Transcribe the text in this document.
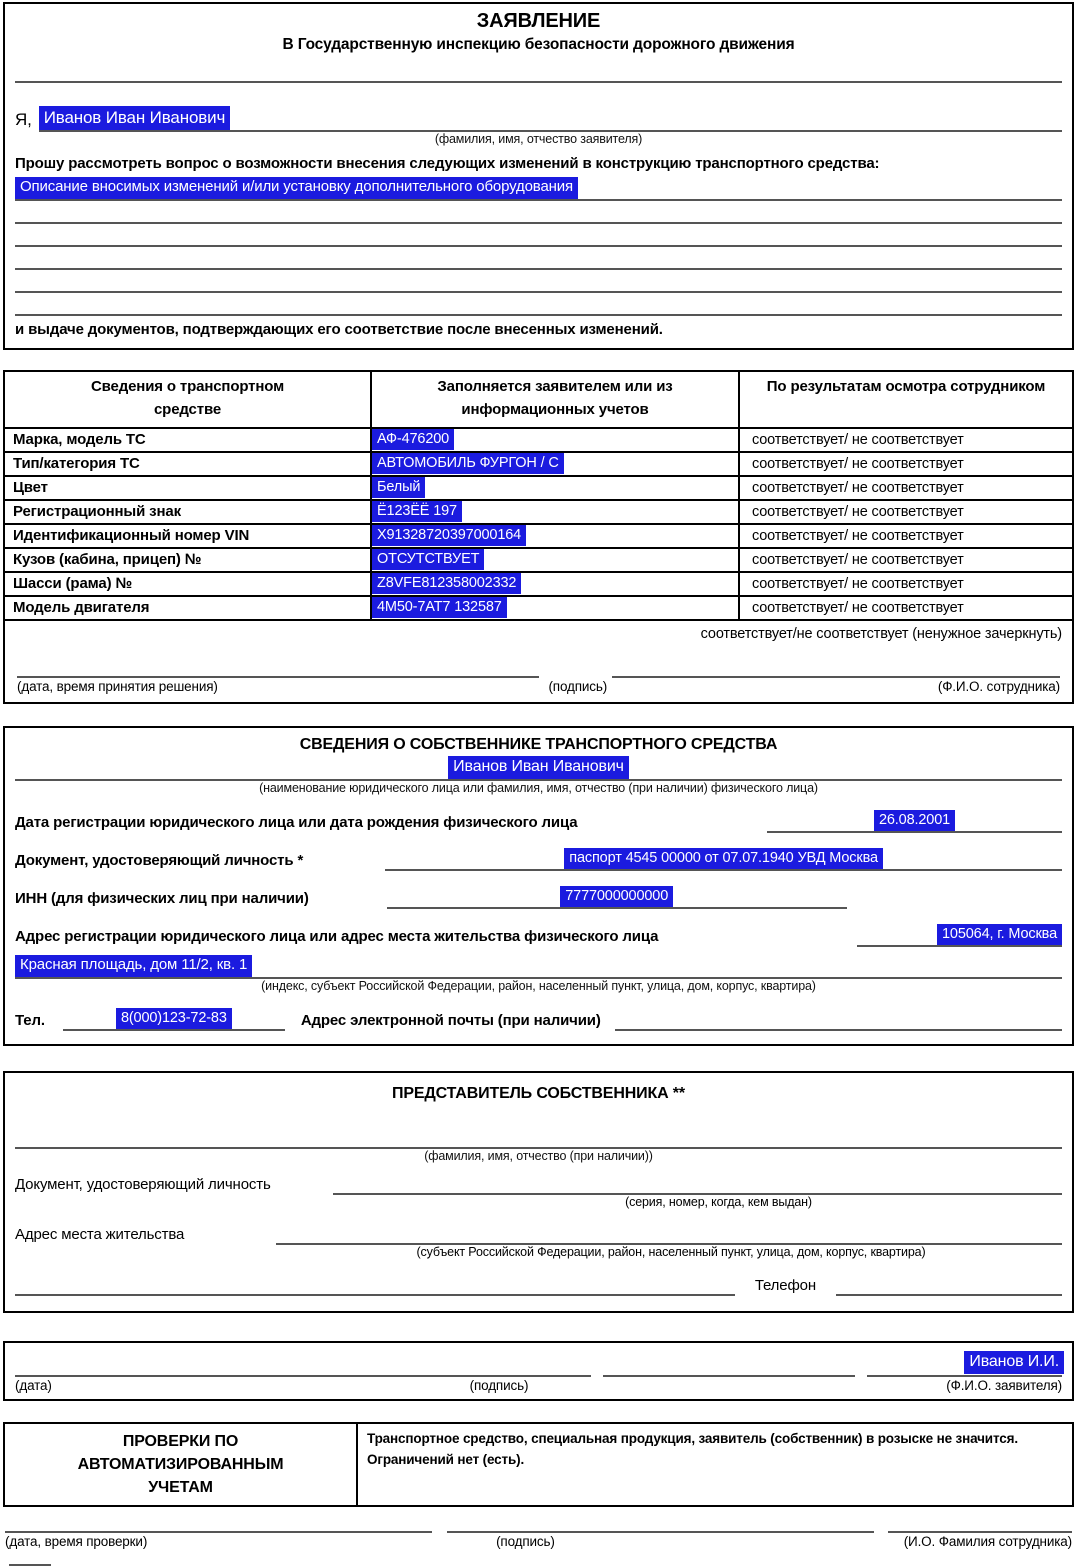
ЗАЯВЛЕНИЕ
В Государственную инспекцию безопасности дорожного движения
Я, Иванов Иван Иванович
(фамилия, имя, отчество заявителя)
Прошу рассмотреть вопрос о возможности внесения следующих изменений в конструкцию транспортного средства:
Описание вносимых изменений и/или установку дополнительного оборудования
и выдаче документов, подтверждающих его соответствие после внесенных изменений.
Сведения о транспортном средстве	Заполняется заявителем или из информационных учетов	По результатам осмотра сотрудником
Марка, модель ТС	АФ-476200	соответствует/ не соответствует
Тип/категория ТС	АВТОМОБИЛЬ ФУРГОН / С	соответствует/ не соответствует
Цвет	Белый	соответствует/ не соответствует
Регистрационный знак	Ё123ЁЁ 197	соответствует/ не соответствует
Идентификационный номер VIN	X91328720397000164	соответствует/ не соответствует
Кузов (кабина, прицеп) №	ОТСУТСТВУЕТ	соответствует/ не соответствует
Шасси (рама) №	Z8VFE812358002332	соответствует/ не соответствует
Модель двигателя	4M50-7AT7 132587	соответствует/ не соответствует
соответствует/не соответствует (ненужное зачеркнуть)
(дата, время принятия решения)	(подпись)	(Ф.И.О. сотрудника)
СВЕДЕНИЯ О СОБСТВЕННИКЕ ТРАНСПОРТНОГО СРЕДСТВА
Иванов Иван Иванович
(наименование юридического лица или фамилия, имя, отчество (при наличии) физического лица)
Дата регистрации юридического лица или дата рождения физического лица	26.08.2001
Документ, удостоверяющий личность *	паспорт 4545 00000 от 07.07.1940 УВД Москва
ИНН (для физических лиц при наличии)	7777000000000
Адрес регистрации юридического лица или адрес места жительства физического лица	105064, г. Москва
Красная площадь, дом 11/2, кв. 1
(индекс, субъект Российской Федерации, район, населенный пункт, улица, дом, корпус, квартира)
Тел.	8(000)123-72-83	Адрес электронной почты (при наличии)
ПРЕДСТАВИТЕЛЬ СОБСТВЕННИКА **
(фамилия, имя, отчество (при наличии))
Документ, удостоверяющий личность
(серия, номер, когда, кем выдан)
Адрес места жительства
(субъект Российской Федерации, район, населенный пункт, улица, дом, корпус, квартира)
Телефон
Иванов И.И.
(дата)	(подпись)	(Ф.И.О. заявителя)
ПРОВЕРКИ ПО АВТОМАТИЗИРОВАННЫМ УЧЕТАМ
Транспортное средство, специальная продукция, заявитель (собственник) в розыске не значится.
Ограничений нет (есть).
(дата, время проверки)	(подпись)	(И.О. Фамилия сотрудника)
